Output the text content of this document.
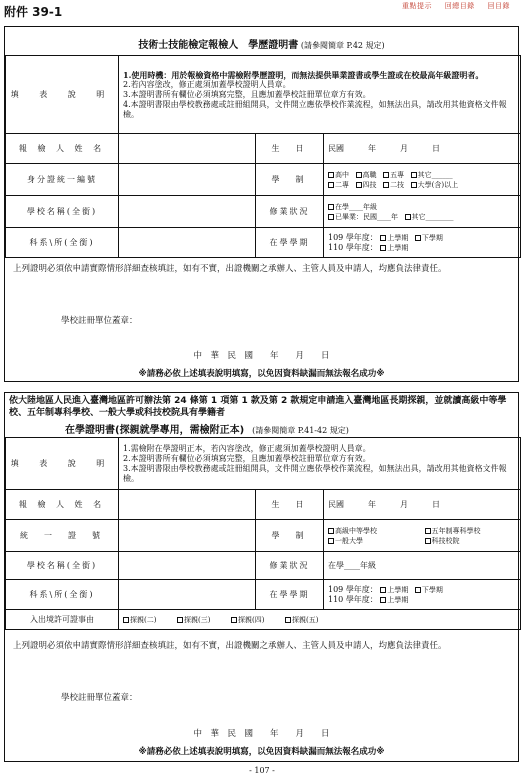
附件 39-1	重點提示 回總目錄 回目錄
技術士技能檢定報檢人　學歷證明書 (請參閱簡章 P.42 規定)
填 表 說 明	1.使用時機：用於報檢資格中需檢附學歷證明，而無法提供畢業證書或學生證或在校最高年級證明者。
2.若內容塗改，修正處須加蓋學校證明人員章。
3.本證明書所有欄位必須填寫完整，且應加蓋學校註冊單位章方有效。
4.本證明書限由學校教務處或註冊組開具，文件開立應依學校作業流程，如無法出具，請改用其他資格文件報檢。		

報 檢 人 姓 名		生　日	民國　　　年　　　月　　　日
身分證統一編號		學　制	高中 高職 五專 其它______
二專 四技 二技 大學(含)以上

學校名稱(全銜)		修業狀況	在學____年級
已畢業：民國____年 其它________

科系\所(全銜)		在學學期	109 學年度： 上學期 下學期
110 學年度： 上學期
上列證明必須依申請實際情形詳細查核填註，如有不實，出證機關之承辦人、主管人員及申請人，均應負法律責任。
學校註冊單位蓋章：
中　華　民　國　　年　　月　　日
※請務必依上述填表說明填寫，以免因資料缺漏而無法報名成功※
依大陸地區人民進入臺灣地區許可辦法第 24 條第 1 項第 1 款及第 2 款規定申請進入臺灣地區長期探親，並就讀高級中等學校、五年制專科學校、一般大學或科技校院具有學籍者
在學證明書(探親就學專用，需檢附正本) (請參閱簡章 P.41-42 規定)
填 表 說 明	1.需檢附在學證明正本，若內容塗改，修正處須加蓋學校證明人員章。
2.本證明書所有欄位必須填寫完整，且應加蓋學校註冊單位章方有效。
3.本證明書限由學校教務處或註冊組開具，文件開立應依學校作業流程，如無法出具，請改用其他資格文件報檢。		

報 檢 人 姓 名		生　日	民國　　　年　　　月　　　日
統　一　證　號		學　制	高級中等學校 五年制專科學校
一般大學 科技校院

學校名稱(全銜)		修業狀況	在學____年級
科系\所(全銜)		在學學期	109 學年度： 上學期 下學期
110 學年度： 上學期

入出境許可證事由	探親(二) 探親(三) 探親(四) 探親(五)		
上列證明必須依申請實際情形詳細查核填註，如有不實，出證機關之承辦人、主管人員及申請人，均應負法律責任。
學校註冊單位蓋章：
中　華　民　國　　年　　月　　日
※請務必依上述填表說明填寫，以免因資料缺漏而無法報名成功※
- 107 -
